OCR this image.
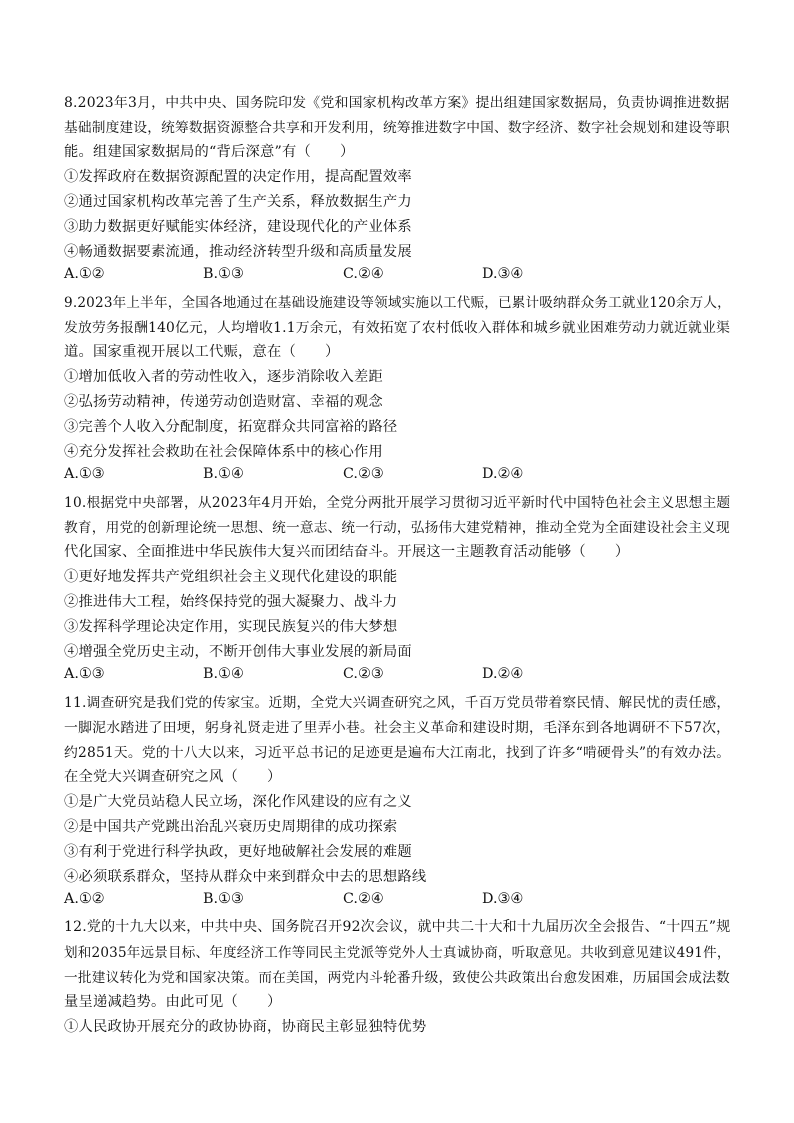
8.2023年3月，中共中央、国务院印发《党和国家机构改革方案》提出组建国家数据局，负责协调推进数据
基础制度建设，统筹数据资源整合共享和开发利用，统筹推进数字中国、数字经济、数字社会规划和建设等职
能。组建国家数据局的“背后深意”有（　　）
①发挥政府在数据资源配置的决定作用，提高配置效率
②通过国家机构改革完善了生产关系，释放数据生产力
③助力数据更好赋能实体经济，建设现代化的产业体系
④畅通数据要素流通，推动经济转型升级和高质量发展
A.①②	B.①③	C.②④	D.③④
9.2023年上半年，全国各地通过在基础设施建设等领域实施以工代赈，已累计吸纳群众务工就业120余万人，
发放劳务报酬140亿元，人均增收1.1万余元，有效拓宽了农村低收入群体和城乡就业困难劳动力就近就业渠
道。国家重视开展以工代赈，意在（　　）
①增加低收入者的劳动性收入，逐步消除收入差距
②弘扬劳动精神，传递劳动创造财富、幸福的观念
③完善个人收入分配制度，拓宽群众共同富裕的路径
④充分发挥社会救助在社会保障体系中的核心作用
A.①③	B.①④	C.②③	D.②④
10.根据党中央部署，从2023年4月开始，全党分两批开展学习贯彻习近平新时代中国特色社会主义思想主题
教育，用党的创新理论统一思想、统一意志、统一行动，弘扬伟大建党精神，推动全党为全面建设社会主义现
代化国家、全面推进中华民族伟大复兴而团结奋斗。开展这一主题教育活动能够（　　）
①更好地发挥共产党组织社会主义现代化建设的职能
②推进伟大工程，始终保持党的强大凝聚力、战斗力
③发挥科学理论决定作用，实现民族复兴的伟大梦想
④增强全党历史主动，不断开创伟大事业发展的新局面
A.①③	B.①④	C.②③	D.②④
11.调查研究是我们党的传家宝。近期，全党大兴调查研究之风，千百万党员带着察民情、解民忧的责任感，
一脚泥水踏进了田埂，躬身礼贤走进了里弄小巷。社会主义革命和建设时期，毛泽东到各地调研不下57次，
约2851天。党的十八大以来，习近平总书记的足迹更是遍布大江南北，找到了许多“啃硬骨头”的有效办法。
在全党大兴调查研究之风（　　）
①是广大党员站稳人民立场，深化作风建设的应有之义
②是中国共产党跳出治乱兴衰历史周期律的成功探索
③有利于党进行科学执政，更好地破解社会发展的难题
④必须联系群众，坚持从群众中来到群众中去的思想路线
A.①②	B.①③	C.②④	D.③④
12.党的十九大以来，中共中央、国务院召开92次会议，就中共二十大和十九届历次全会报告、“十四五”规
划和2035年远景目标、年度经济工作等同民主党派等党外人士真诚协商，听取意见。共收到意见建议491件，
一批建议转化为党和国家决策。而在美国，两党内斗轮番升级，致使公共政策出台愈发困难，历届国会成法数
量呈递减趋势。由此可见（　　）
①人民政协开展充分的政协协商，协商民主彰显独特优势
